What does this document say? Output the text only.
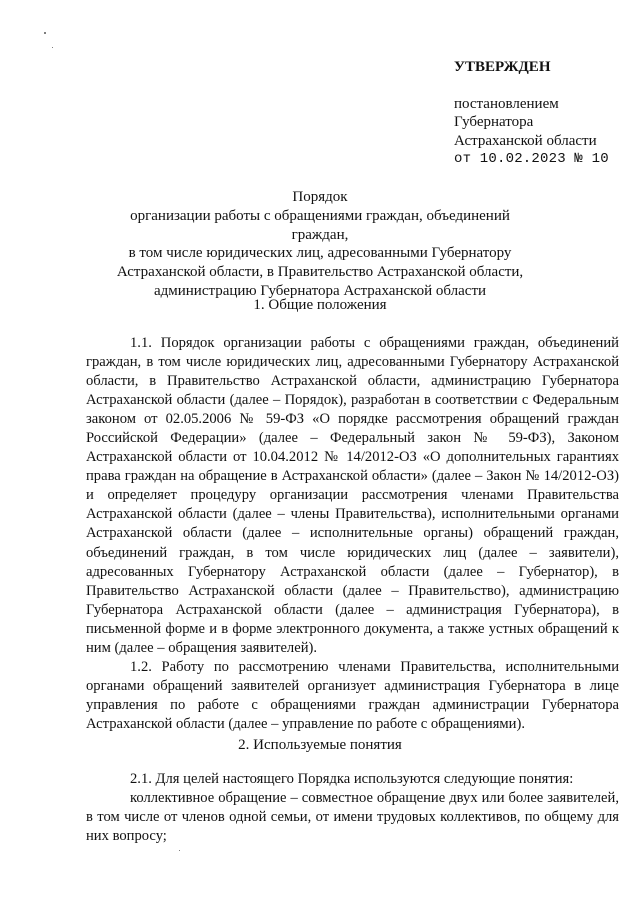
УТВЕРЖДЕН
постановлением
Губернатора
Астраханской области
от 10.02.2023 № 10
Порядок
организации работы с обращениями граждан, объединений граждан,
в том числе юридических лиц, адресованными Губернатору
Астраханской области, в Правительство Астраханской области,
администрацию Губернатора Астраханской области
1. Общие положения

1.1. Порядок организации работы с обращениями граждан, объединений граждан, в том числе юридических лиц, адресованными Губернатору Астраханской области, в Правительство Астраханской области, администрацию Губернатора Астраханской области (далее – Порядок), разработан в соответствии с Федеральным законом от 02.05.2006 № 59-ФЗ «О порядке рассмотрения обращений граждан Российской Федерации» (далее – Федеральный закон № 59-ФЗ), Законом Астраханской области от 10.04.2012 № 14/2012-ОЗ «О дополнительных гарантиях права граждан на обращение в Астраханской области» (далее – Закон № 14/2012-ОЗ) и определяет процедуру организации рассмотрения членами Правительства Астраханской области (далее – члены Правительства), исполнительными органами Астраханской области (далее – исполнительные органы) обращений граждан, объединений граждан, в том числе юридических лиц (далее – заявители), адресованных Губернатору Астраханской области (далее – Губернатор), в Правительство Астраханской области (далее – Правительство), администрацию Губернатора Астраханской области (далее – администрация Губернатора), в письменной форме и в форме электронного документа, а также устных обращений к ним (далее – обращения заявителей).

1.2. Работу по рассмотрению членами Правительства, исполнительными органами обращений заявителей организует администрация Губернатора в лице управления по работе с обращениями граждан администрации Губернатора Астраханской области (далее – управление по работе с обращениями).

2. Используемые понятия

2.1. Для целей настоящего Порядка используются следующие понятия:

коллективное обращение – совместное обращение двух или более заявителей, в том числе от членов одной семьи, от имени трудовых коллективов, по общему для них вопросу;
